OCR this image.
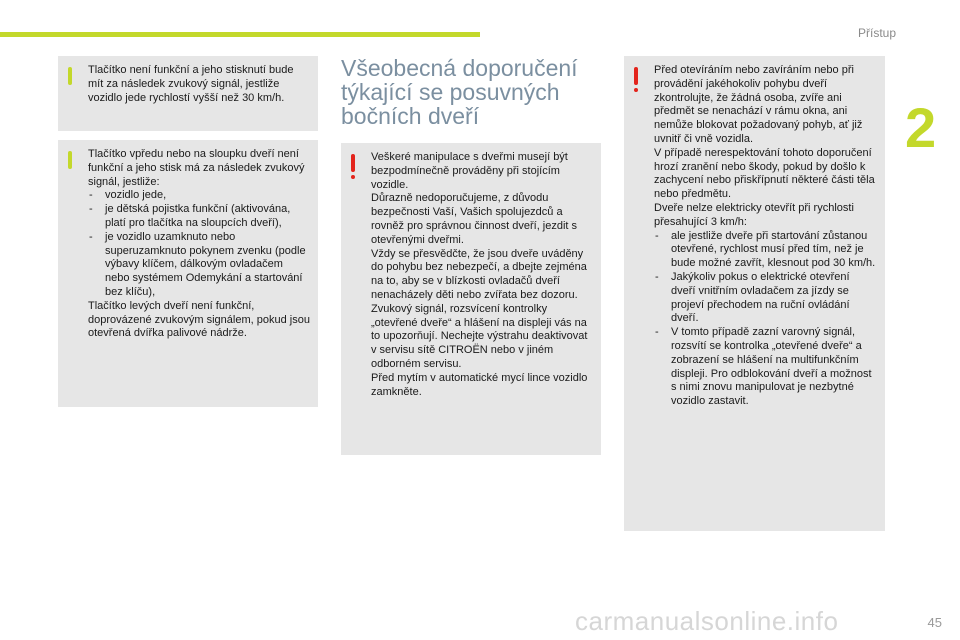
Přístup
2

Tlačítko není funkční a jeho stisknutí bude mít za následek zvukový signál, jestliže vozidlo jede rychlostí vyšší než 30 km/h.

Tlačítko vpředu nebo na sloupku dveří není funkční a jeho stisk má za následek zvukový signál, jestliže:

- vozidlo jede,
- je dětská pojistka funkční (aktivována, platí pro tlačítka na sloupcích dveří),
- je vozidlo uzamknuto nebo superuzamknuto pokynem zvenku (podle výbavy klíčem, dálkovým ovladačem nebo systémem Odemykání a startování bez klíču),

Tlačítko levých dveří není funkční, doprovázené zvukovým signálem, pokud jsou otevřená dvířka palivové nádrže.

Všeobecná doporučení týkající se posuvných bočních dveří

Veškeré manipulace s dveřmi musejí být bezpodmínečně prováděny při stojícím vozidle.
Důrazně nedoporučujeme, z důvodu bezpečnosti Vaší, Vašich spolujezdců a rovněž pro správnou činnost dveří, jezdit s otevřenými dveřmi.
Vždy se přesvědčte, že jsou dveře uváděny do pohybu bez nebezpečí, a dbejte zejména na to, aby se v blízkosti ovladačů dveří nenacházely děti nebo zvířata bez dozoru.
Zvukový signál, rozsvícení kontrolky „otevřené dveře“ a hlášení na displeji vás na to upozorňují. Nechejte výstrahu deaktivovat v servisu sítě CITROËN nebo v jiném odborném servisu.
Před mytím v automatické mycí lince vozidlo zamkněte.

Před otevíráním nebo zavíráním nebo při provádění jakéhokoliv pohybu dveří zkontrolujte, že žádná osoba, zvíře ani předmět se nenachází v rámu okna, ani nemůže blokovat požadovaný pohyb, ať již uvnitř či vně vozidla.
V případě nerespektování tohoto doporučení hrozí zranění nebo škody, pokud by došlo k zachycení nebo přiskřípnutí některé části těla nebo předmětu.
Dveře nelze elektricky otevřít při rychlosti přesahující 3 km/h:

- ale jestliže dveře při startování zůstanou otevřené, rychlost musí před tím, než je bude možné zavřít, klesnout pod 30 km/h.
- Jakýkoliv pokus o elektrické otevření dveří vnitřním ovladačem za jízdy se projeví přechodem na ruční ovládání dveří.
- V tomto případě zazní varovný signál, rozsvítí se kontrolka „otevřené dveře“ a zobrazení se hlášení na multifunkčním displeji. Pro odblokování dveří a možnost s nimi znovu manipulovat je nezbytné vozidlo zastavit.
carmanualsonline.info	45
